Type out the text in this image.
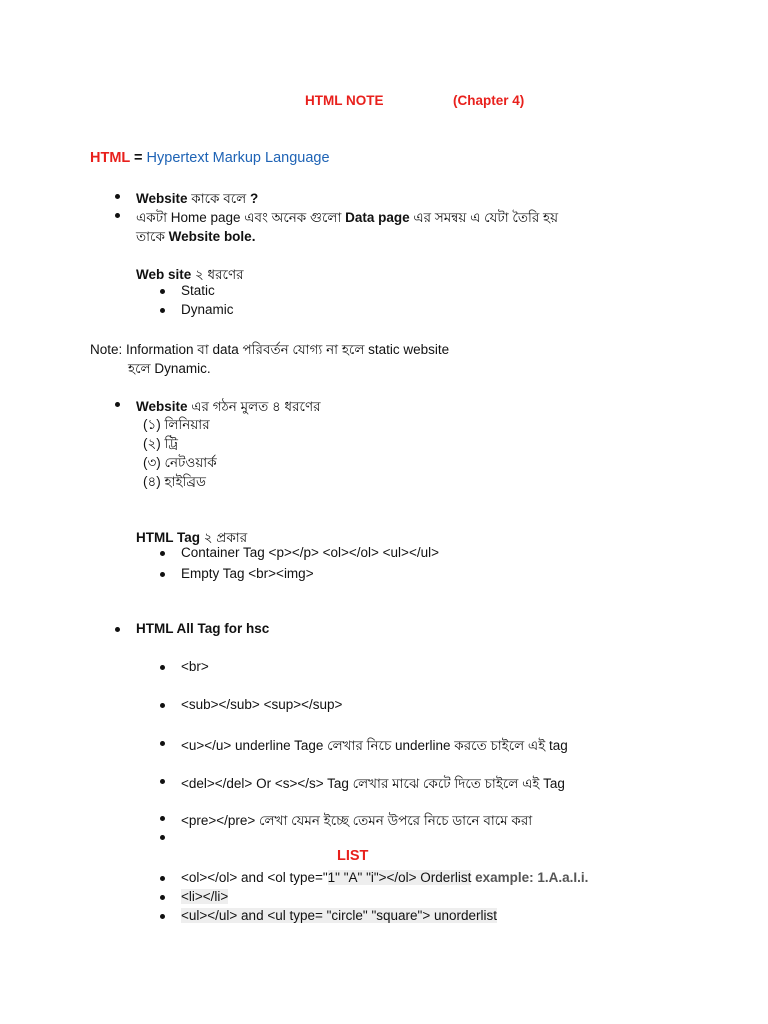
HTML NOTE	(Chapter 4)
HTML = Hypertext Markup Language
Website কাকে বলে ?
একটা Home page এবং অনেক গুলো Data page এর সমন্বয় এ যেটা তৈরি হয়
তাকে Website bole.
Web site ২ ধরণের
Static
Dynamic
Note: Information বা data পরিবর্তন যোগ্য না হলে static website
হলে Dynamic.
Website এর গঠন মুলত ৪ ধরণের
(১) লিনিয়ার
(২) ট্রি
(৩) নেটওয়ার্ক
(৪) হাইব্রিড
HTML Tag ২ প্রকার
Container Tag <p></p> <ol></ol> <ul></ul>
Empty Tag <br><img>
HTML All Tag for hsc
<br>
<sub></sub> <sup></sup>
<u></u> underline Tage লেখার নিচে underline করতে চাইলে এই tag
<del></del> Or <s></s> Tag লেখার মাঝে কেটে দিতে চাইলে এই Tag
<pre></pre> লেখা যেমন ইচ্ছে তেমন উপরে নিচে ডানে বামে করা
LIST
<ol></ol> and <ol type="1" "A" "i"></ol> Orderlist example: 1.A.a.I.i.
<li></li>
<ul></ul> and <ul type= "circle" "square"> unorderlist
